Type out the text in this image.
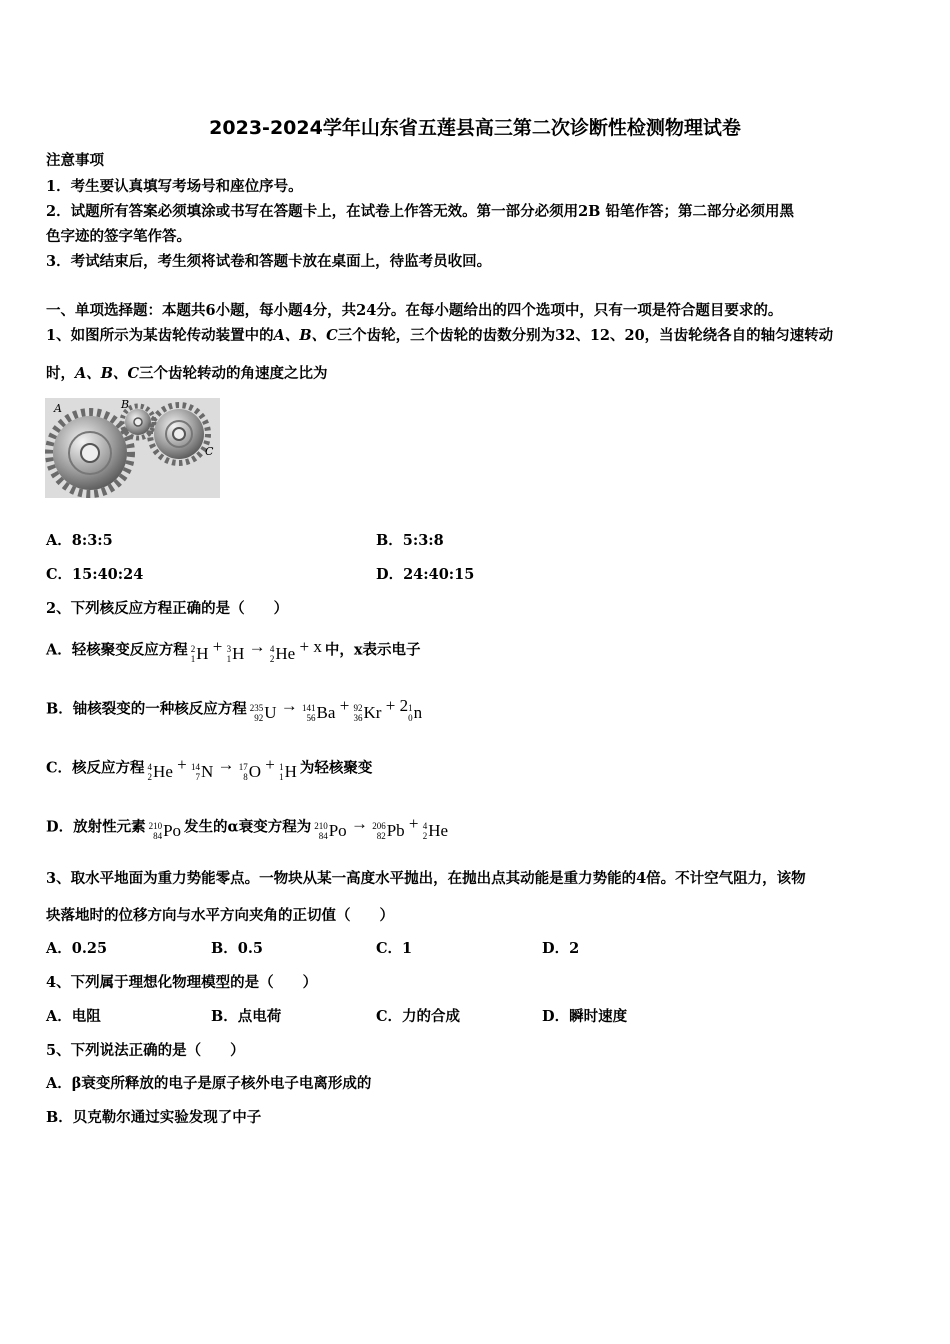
2023-2024学年山东省五莲县高三第二次诊断性检测物理试卷
注意事项
1．考生要认真填写考场号和座位序号。
2．试题所有答案必须填涂或书写在答题卡上，在试卷上作答无效。第一部分必须用2B 铅笔作答；第二部分必须用黑
色字迹的签字笔作答。
3．考试结束后，考生须将试卷和答题卡放在桌面上，待监考员收回。
一、单项选择题：本题共6小题，每小题4分，共24分。在每小题给出的四个选项中，只有一项是符合题目要求的。
1、如图所示为某齿轮传动装置中的A、B、C三个齿轮，三个齿轮的齿数分别为32、12、20，当齿轮绕各自的轴匀速转动
时，A、B、C三个齿轮转动的角速度之比为
A	B
C
A．8:3:5	B．5:3:8
C．15:40:24	D．24:40:15
2、下列核反应方程正确的是（　　）
A．轻核聚变反应方程 2
1 H + 3
1 H → 4
2 He + x 中，x表示电子
B．铀核裂变的一种核反应方程 235
92 U → 141
56 Ba + 92
36 Kr + 2 1
0 n
C．核反应方程 4
2 He + 14
7 N → 17
8 O + 1
1 H 为轻核聚变
D．放射性元素 210
84 Po 发生的α衰变方程为 210
84 Po → 206
82 Pb + 4
2 He
3、取水平地面为重力势能零点。一物块从某一高度水平抛出，在抛出点其动能是重力势能的4倍。不计空气阻力，该物
块落地时的位移方向与水平方向夹角的正切值（　　）
A．0.25	B．0.5	C．1	D．2
4、下列属于理想化物理模型的是（　　）
A．电阻	B．点电荷	C．力的合成	D．瞬时速度
5、下列说法正确的是（　　）
A．β衰变所释放的电子是原子核外电子电离形成的
B．贝克勒尔通过实验发现了中子
